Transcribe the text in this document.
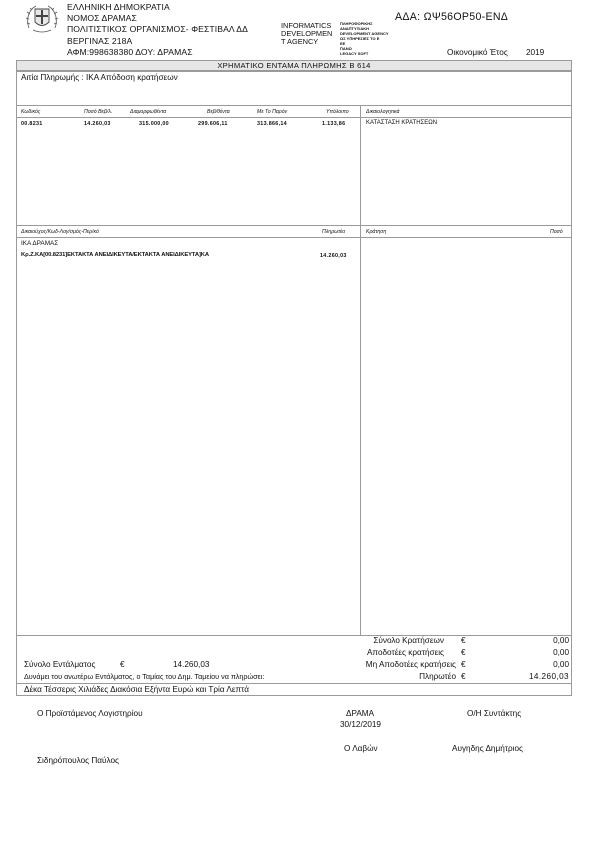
ΕΛΛΗΝΙΚΗ ΔΗΜΟΚΡΑΤΙΑ
ΝΟΜΟΣ ΔΡΑΜΑΣ
ΠΟΛΙΤΙΣΤΙΚΟΣ ΟΡΓΑΝΙΣΜΟΣ- ΦΕΣΤΙΒΑΛ ΔΔ
ΒΕΡΓΙΝΑΣ 218Α
ΑΦΜ:998638380 ΔΟΥ: ΔΡΑΜΑΣ
INFORMATICS
DEVELOPMEN
T AGENCY
ΠΛΗΡΟΦΟΡΙΚΗΣ
ΑΝΑΠΤΥΞΙΑΚΗ
DEVELOPMENT AGENCY
ΩΣ ΥΠΗΡΕΣΙΕΣ ΤΟ Ε
ΕΕ
ΠΑΝΩ
LEGACY SOFT
ΑΔΑ: ΩΨ56ΟΡ50-ΕΝΔ
Οικονομικό Έτος 2019
ΧΡΗΜΑΤΙΚΟ ΕΝΤΑΜΑ ΠΛΗΡΩΜΗΣ Β 614
Αιτία Πληρωμής : ΙΚΑ Απόδοση κρατήσεων
Κωδικός	Ποσό Βεβ/λ.	Διαμορφωθέντα	Βεβ/θέντα	Με Το Παρόν	Υπόλοιπο	Δικαιολογητικά
00.8231	14.260,03	315.000,00	299.606,11	313.866,14	1.133,86	ΚΑΤΑΣΤΑΣΗ ΚΡΑΤΗΣΕΩΝ
Δικαιούχος/Κωδ-Λογ/σμός-Περ/κό	Πληρωτέο	Κράτηση	Ποσό
ΙΚΑ ΔΡΑΜΑΣ
Κρ.Ζ.ΚΑ[00.8231]ΕΚΤΑΚΤΑ ΑΝΕΙΔΙΚΕΥΤΑ/ΕΚΤΑΚΤΑ ΑΝΕΙΔΙΚΕΥΤΑ]ΚΑ	14.260,03
Σύνολο Κρατήσεων €	0,00
Αποδοτέες κρατήσεις €	0,00
Σύνολο Εντάλματος	€	14.260,03	Μη Αποδοτέες κρατήσεις €	0,00
Δυνάμει του ανωτέρω Εντάλματος, ο Ταμίας του Δημ. Ταμείου να πληρώσει:	Πληρωτέο €	14.260,03
Δέκα Τέσσερις Χιλιάδες Διακόσια Εξήντα Ευρώ και Τρία Λεπτά
Ο Προϊστάμενος Λογιστηρίου	ΔΡΑΜΑ	Ο/Η Συντάκτης
30/12/2019
Ο Λαβών	Αυγηδης Δημήτριος
Σιδηρόπουλος Παύλος
